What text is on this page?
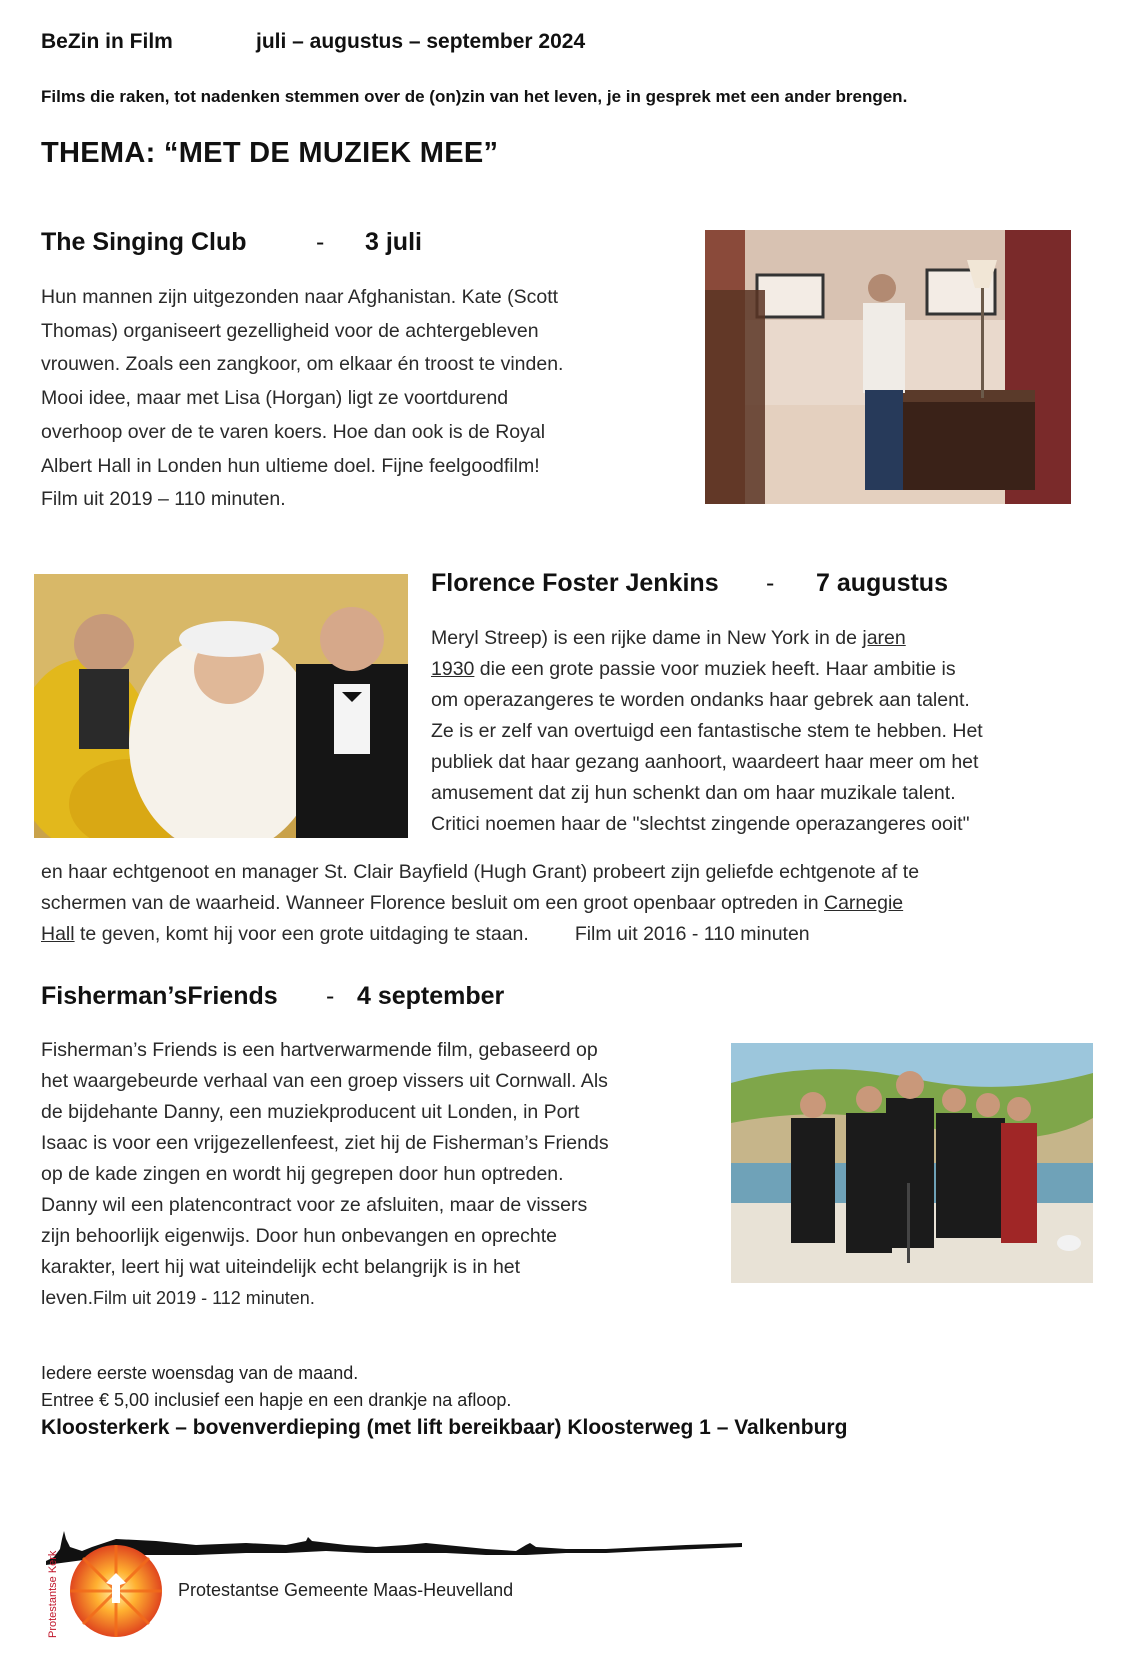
BeZin in Film	juli – augustus – september 2024
Films die raken, tot nadenken stemmen over de (on)zin van het leven, je in gesprek met een ander brengen.
THEMA: “MET DE MUZIEK MEE”
The Singing Club	- 3 juli
Hun mannen zijn uitgezonden naar Afghanistan. Kate (Scott
Thomas) organiseert gezelligheid voor de achtergebleven
vrouwen. Zoals een zangkoor, om elkaar én troost te vinden.
Mooi idee, maar met Lisa (Horgan) ligt ze voortdurend
overhoop over de te varen koers. Hoe dan ook is de Royal
Albert Hall in Londen hun ultieme doel. Fijne feelgoodfilm!
Film uit 2019 – 110 minuten.
Florence Foster Jenkins - 7 augustus
Meryl Streep) is een rijke dame in New York in de jaren
1930 die een grote passie voor muziek heeft. Haar ambitie is
om operazangeres te worden ondanks haar gebrek aan talent.
Ze is er zelf van overtuigd een fantastische stem te hebben. Het
publiek dat haar gezang aanhoort, waardeert haar meer om het
amusement dat zij hun schenkt dan om haar muzikale talent.
Critici noemen haar de "slechtst zingende operazangeres ooit"
en haar echtgenoot en manager St. Clair Bayfield (Hugh Grant) probeert zijn geliefde echtgenote af te
schermen van de waarheid. Wanneer Florence besluit om een groot openbaar optreden in Carnegie
Hall te geven, komt hij voor een grote uitdaging te staan. Film uit 2016 - 110 minuten
Fisherman’sFriends - 4 september
Fisherman’s Friends is een hartverwarmende film, gebaseerd op
het waargebeurde verhaal van een groep vissers uit Cornwall. Als
de bijdehante Danny, een muziekproducent uit Londen, in Port
Isaac is voor een vrijgezellenfeest, ziet hij de Fisherman’s Friends
op de kade zingen en wordt hij gegrepen door hun optreden.
Danny wil een platencontract voor ze afsluiten, maar de vissers
zijn behoorlijk eigenwijs. Door hun onbevangen en oprechte
karakter, leert hij wat uiteindelijk echt belangrijk is in het
leven.Film uit 2019 - 112 minuten.
Iedere eerste woensdag van de maand.
Entree € 5,00 inclusief een hapje en een drankje na afloop.
Kloosterkerk – bovenverdieping (met lift bereikbaar) Kloosterweg 1 – Valkenburg
Protestantse Kerk	Protestantse Gemeente Maas-Heuvelland
